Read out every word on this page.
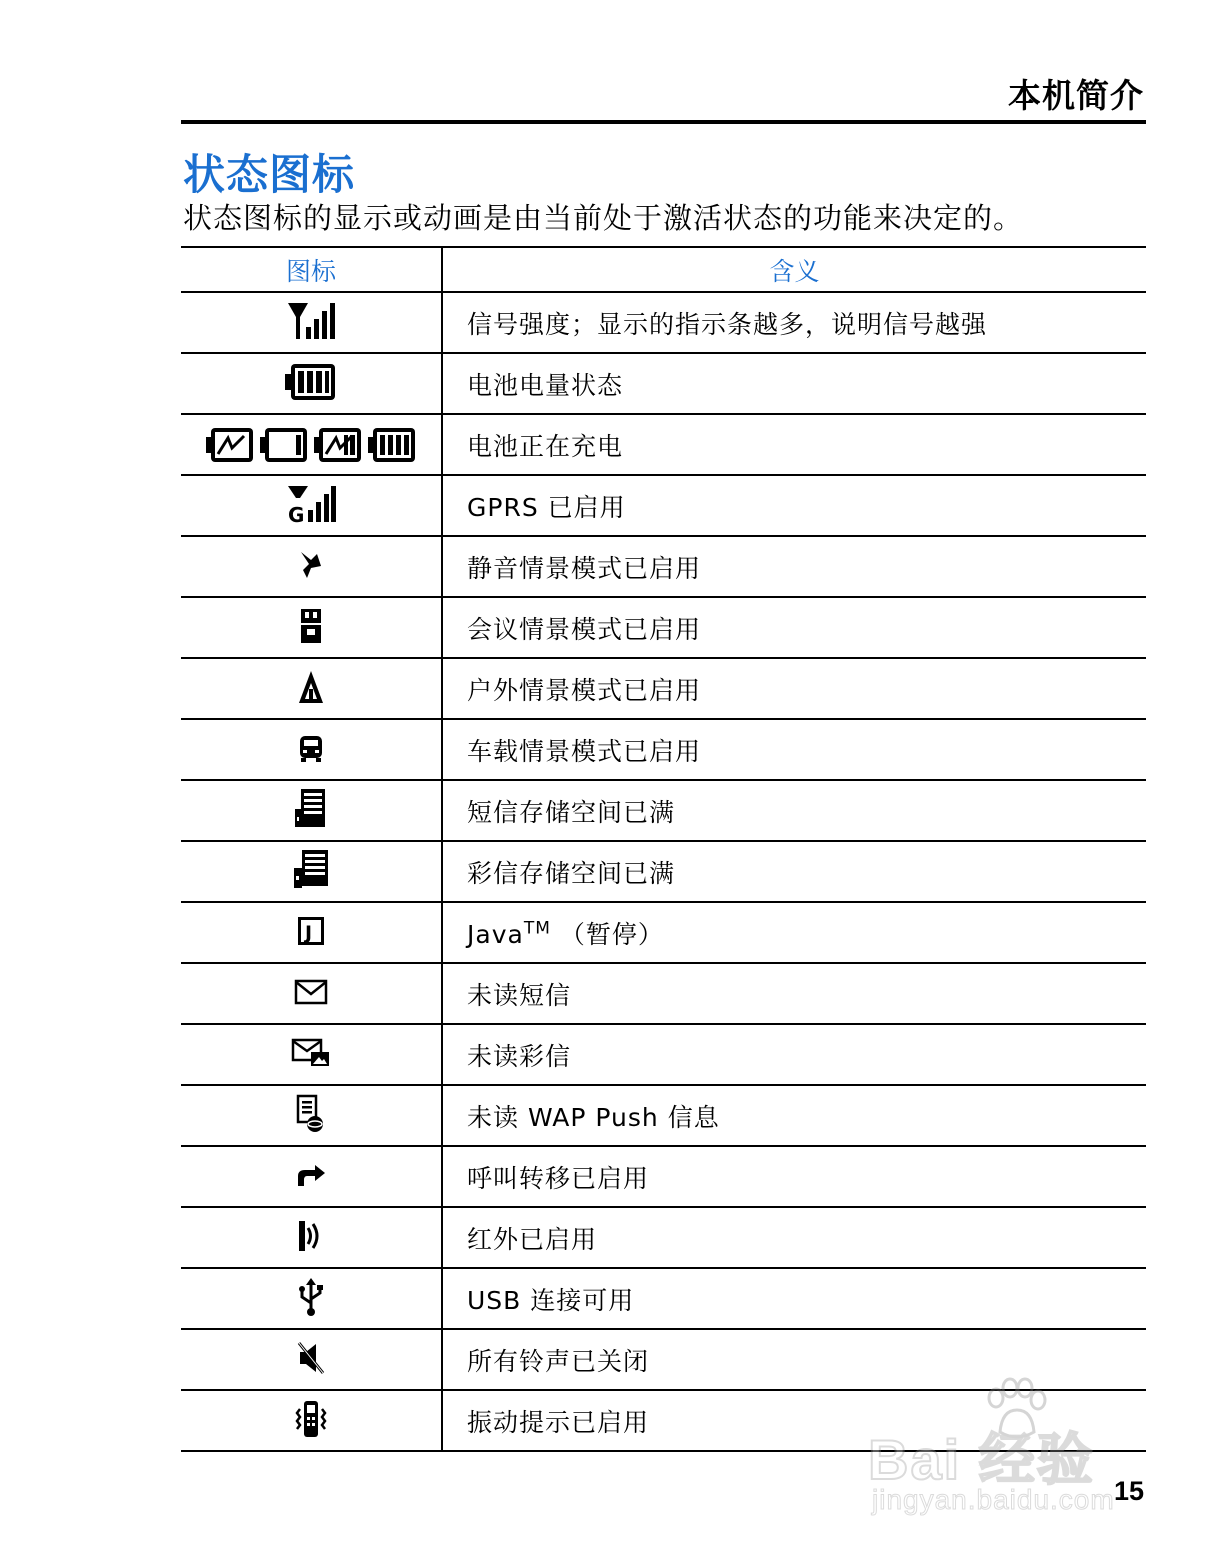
本机简介
状态图标
状态图标的显示或动画是由当前处于激活状态的功能来决定的。
图标	含义
	信号强度；显示的指示条越多，说明信号越强
	电池电量状态

	电池正在充电

G	GPRS 已启用
	静音情景模式已启用
	会议情景模式已启用
	户外情景模式已启用
	车载情景模式已启用
	短信存储空间已满
	彩信存储空间已满

J	Java™ （暂停）
	未读短信
	未读彩信
	未读 WAP Push 信息
	呼叫转移已启用
	红外已启用
	USB 连接可用
	所有铃声已关闭
	振动提示已启用
Bai 经验
jingyan.baidu.com 15
